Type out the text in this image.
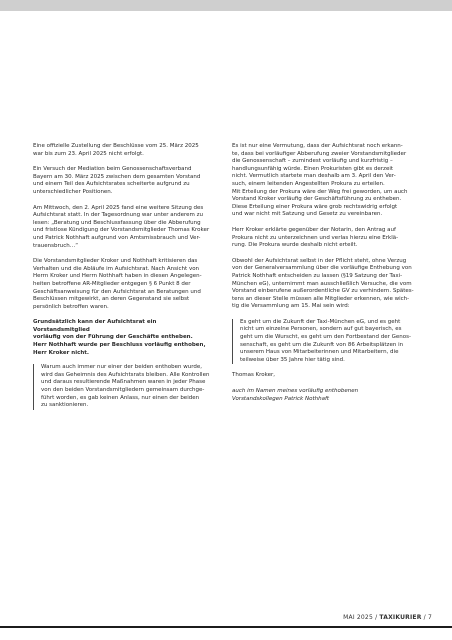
Eine offizielle Zustellung der Beschlüsse vom 25. März 2025
war bis zum 23. April 2025 nicht erfolgt.

Ein Versuch der Mediation beim Genossenschaftsverband
Bayern am 30. März 2025 zwischen dem gesamten Vorstand
und einem Teil des Aufsichtsrates scheiterte aufgrund zu
unterschiedlicher Positionen.

Am Mittwoch, den 2. April 2025 fand eine weitere Sitzung des
Aufsichtsrat statt. In der Tagesordnung war unter anderem zu
lesen: „Beratung und Beschlussfassung über die Abberufung
und fristlose Kündigung der Vorstandsmitglieder Thomas Kroker
und Patrick Nothhaft aufgrund von Amtsmissbrauch und Ver-
trauensbruch…“

Die Vorstandsmitglieder Kroker und Nothhaft kritisieren das
Verhalten und die Abläufe im Aufsichtsrat. Nach Ansicht von
Herrn Kroker und Herrn Nothhaft haben in diesen Angelegen-
heiten betroffene AR-Mitglieder entgegen § 6 Punkt 8 der
Geschäftsanweisung für den Aufsichtsrat an Beratungen und
Beschlüssen mitgewirkt, an deren Gegenstand sie selbst
persönlich betroffen waren.

Grundsätzlich kann der Aufsichtsrat ein Vorstandsmitglied
vorläufig von der Führung der Geschäfte entheben.
Herr Nothhaft wurde per Beschluss vorläufig enthoben,
Herr Kroker nicht.

Warum auch immer nur einer der beiden enthoben wurde,
wird das Geheimnis des Aufsichtsrats bleiben. Alle Kontrollen
und daraus resultierende Maßnahmen waren in jeder Phase
von den beiden Vorstandsmitgliedern gemeinsam durchge-
führt worden, es gab keinen Anlass, nur einen der beiden
zu sanktionieren.

Es ist nur eine Vermutung, dass der Aufsichtsrat noch erkann-
te, dass bei vorläufiger Abberufung zweier Vorstandsmitglieder
die Genossenschaft – zumindest vorläufig und kurzfristig –
handlungsunfähig würde. Einen Prokuristen gibt es derzeit
nicht. Vermutlich startete man deshalb am 3. April den Ver-
such, einem leitenden Angestellten Prokura zu erteilen.
Mit Erteilung der Prokura wäre der Weg frei geworden, um auch
Vorstand Kroker vorläufig der Geschäftsführung zu entheben.
Diese Erteilung einer Prokura wäre grob rechtswidrig erfolgt
und war nicht mit Satzung und Gesetz zu vereinbaren.

Herr Kroker erklärte gegenüber der Notarin, den Antrag auf
Prokura nicht zu unterzeichnen und verlas hierzu eine Erklä-
rung. Die Prokura wurde deshalb nicht erteilt.

Obwohl der Aufsichtsrat selbst in der Pflicht steht, ohne Verzug
von der Generalversammlung über die vorläufige Enthebung von
Patrick Nothhaft entscheiden zu lassen (§19 Satzung der Taxi-
München eG), unternimmt man ausschließlich Versuche, die vom
Vorstand einberufene außerordentliche GV zu verhindern. Spätes-
tens an dieser Stelle müssen alle Mitglieder erkennen, wie wich-
tig die Versammlung am 15. Mai sein wird:

Es geht um die Zukunft der Taxi-München eG, und es geht
nicht um einzelne Personen, sondern auf gut bayerisch, es
geht um die Wurscht, es geht um den Fortbestand der Genos-
senschaft, es geht um die Zukunft von 86 Arbeitsplätzen in
unserem Haus von Mitarbeiterinnen und Mitarbeitern, die
teilweise über 35 Jahre hier tätig sind.

Thomas Kroker,

auch im Namen meines vorläufig enthobenen
Vorstandskollegen Patrick Nothhaft

MAI 2025 / TAXIKURIER / 7
